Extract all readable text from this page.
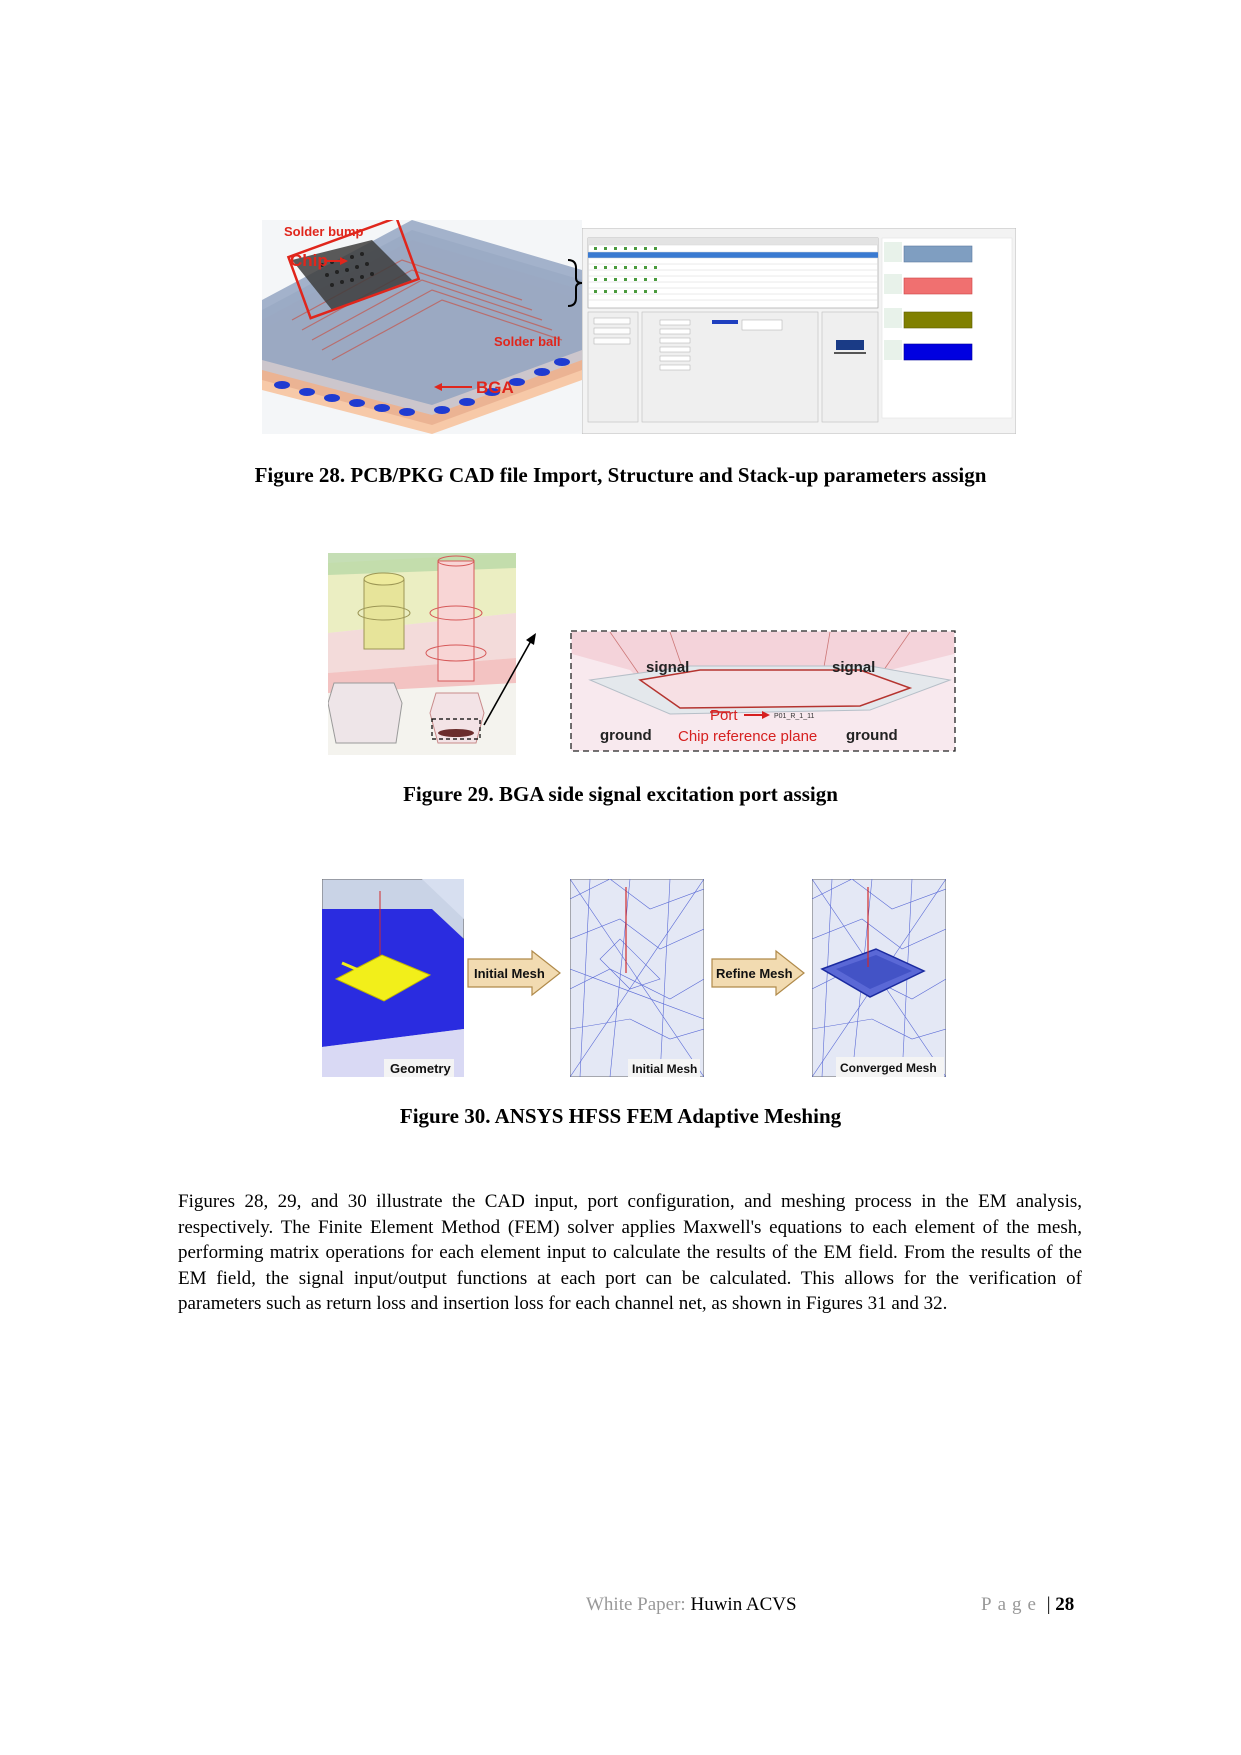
Solder bump
Chip
Solder ball
BGA
Figure 28. PCB/PKG CAD file Import, Structure and Stack-up parameters assign
signal	signal
Port	P01_R_1_11
ground Chip reference plane ground
Figure 29. BGA side signal excitation port assign
Geometry
Initial Mesh
Initial Mesh
Refine Mesh
Converged Mesh
Figure 30. ANSYS HFSS FEM Adaptive Meshing
Figures 28, 29, and 30 illustrate the CAD input, port configuration, and meshing process in the EM analysis, respectively. The Finite Element Method (FEM) solver applies Maxwell's equations to each element of the mesh, performing matrix operations for each element input to calculate the results of the EM field. From the results of the EM field, the signal input/output functions at each port can be calculated. This allows for the verification of parameters such as return loss and insertion loss for each channel net, as shown in Figures 31 and 32.
White Paper: Huwin ACVS	Page | 28
